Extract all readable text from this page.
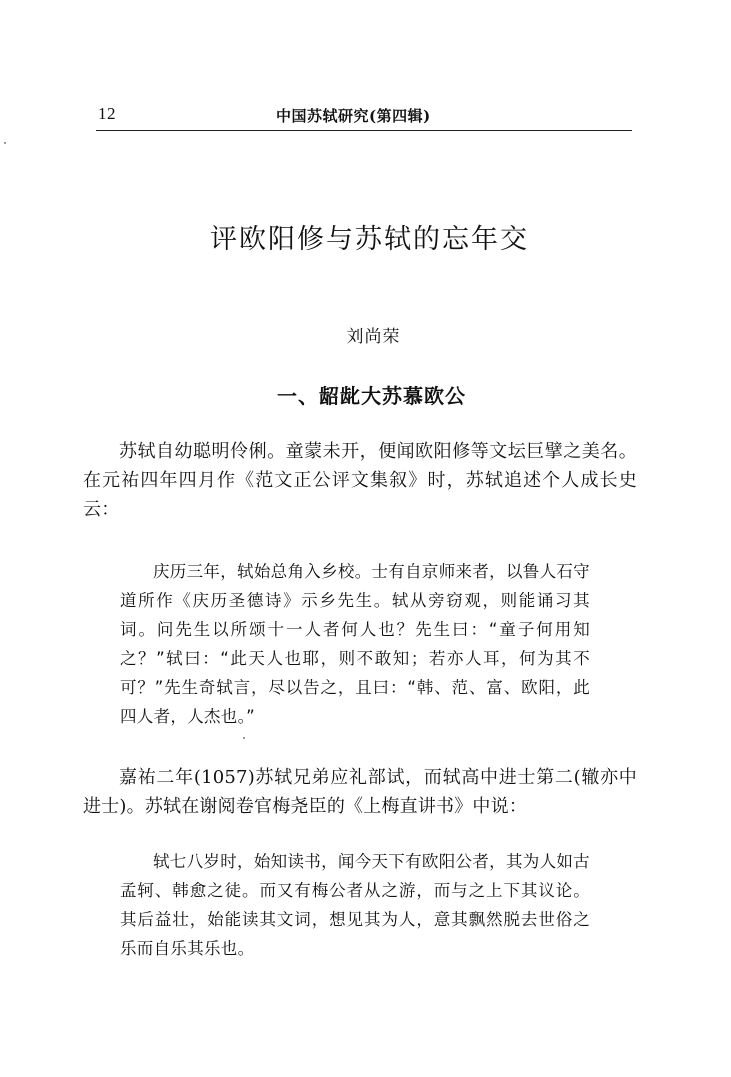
12	中国苏轼研究(第四辑)
评欧阳修与苏轼的忘年交
刘尚荣
一、龆龀大苏慕欧公

苏轼自幼聪明伶俐。童蒙未开，便闻欧阳修等文坛巨擘之美名。在元祐四年四月作《范文正公评文集叙》时，苏轼追述个人成长史云：

庆历三年，轼始总角入乡校。士有自京师来者，以鲁人石守道所作《庆历圣德诗》示乡先生。轼从旁窃观，则能诵习其词。问先生以所颂十一人者何人也？先生曰：“童子何用知之？”轼曰：“此天人也耶，则不敢知；若亦人耳，何为其不可？”先生奇轼言，尽以告之，且曰：“韩、范、富、欧阳，此四人者，人杰也。”

嘉祐二年(1057)苏轼兄弟应礼部试，而轼高中进士第二(辙亦中进士)。苏轼在谢阅卷官梅尧臣的《上梅直讲书》中说：

轼七八岁时，始知读书，闻今天下有欧阳公者，其为人如古孟轲、韩愈之徒。而又有梅公者从之游，而与之上下其议论。其后益壮，始能读其文词，想见其为人，意其飘然脱去世俗之乐而自乐其乐也。
